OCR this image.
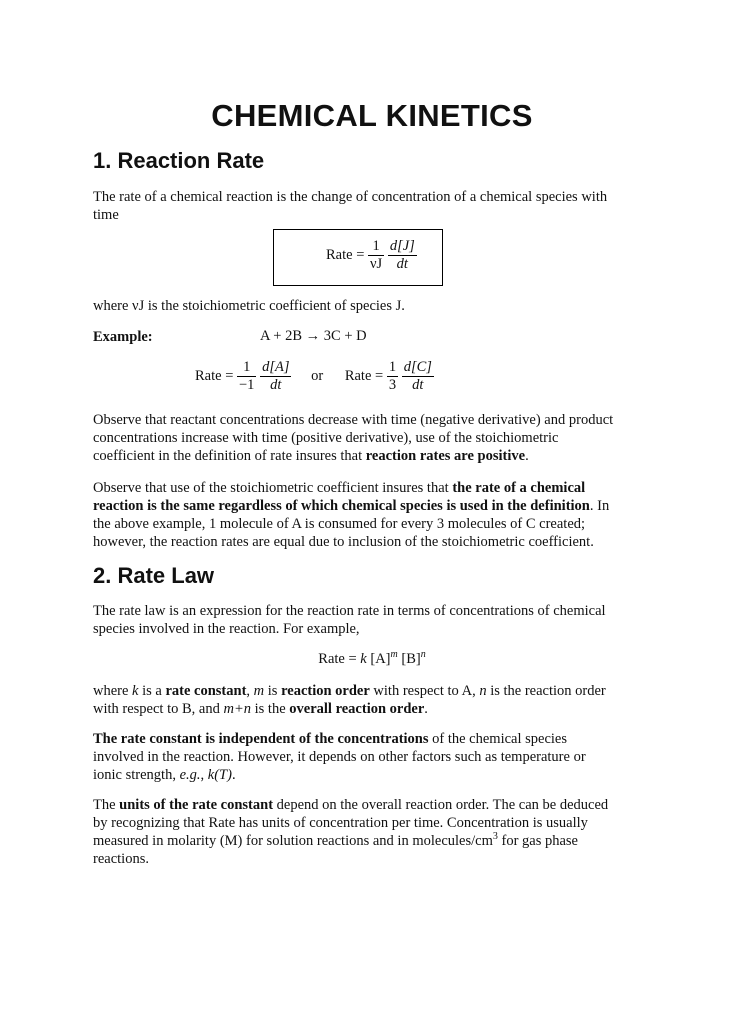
CHEMICAL KINETICS
1. Reaction Rate
The rate of a chemical reaction is the change of concentration of a chemical species with
time
Rate = $\frac{1}{\nu J}$
$\frac{d[J]}{dt}$
where νJ is the stoichiometric coefficient of species J.
Example:	A + 2B → 3C + D
Rate = $\frac{1}{-1}$
$\frac{d[A]}{dt}$ or Rate = $\frac{1}{3}$
$\frac{d[C]}{dt}$
Observe that reactant concentrations decrease with time (negative derivative) and product
concentrations increase with time (positive derivative), use of the stoichiometric
coefficient in the definition of rate insures that reaction rates are positive.
Observe that use of the stoichiometric coefficient insures that the rate of a chemical
reaction is the same regardless of which chemical species is used in the definition. In
the above example, 1 molecule of A is consumed for every 3 molecules of C created;
however, the reaction rates are equal due to inclusion of the stoichiometric coefficient.
2. Rate Law
The rate law is an expression for the reaction rate in terms of concentrations of chemical
species involved in the reaction. For example,
Rate = k $[A]^m$ $[B]^n$
where k is a rate constant, m is reaction order with respect to A, n is the reaction order
with respect to B, and m+n is the overall reaction order.
The rate constant is independent of the concentrations of the chemical species
involved in the reaction. However, it depends on other factors such as temperature or
ionic strength, e.g., k(T).
The units of the rate constant depend on the overall reaction order. The can be deduced
by recognizing that Rate has units of concentration per time. Concentration is usually
measured in molarity (M) for solution reactions and in molecules/$cm^3$ for gas phase
reactions.
